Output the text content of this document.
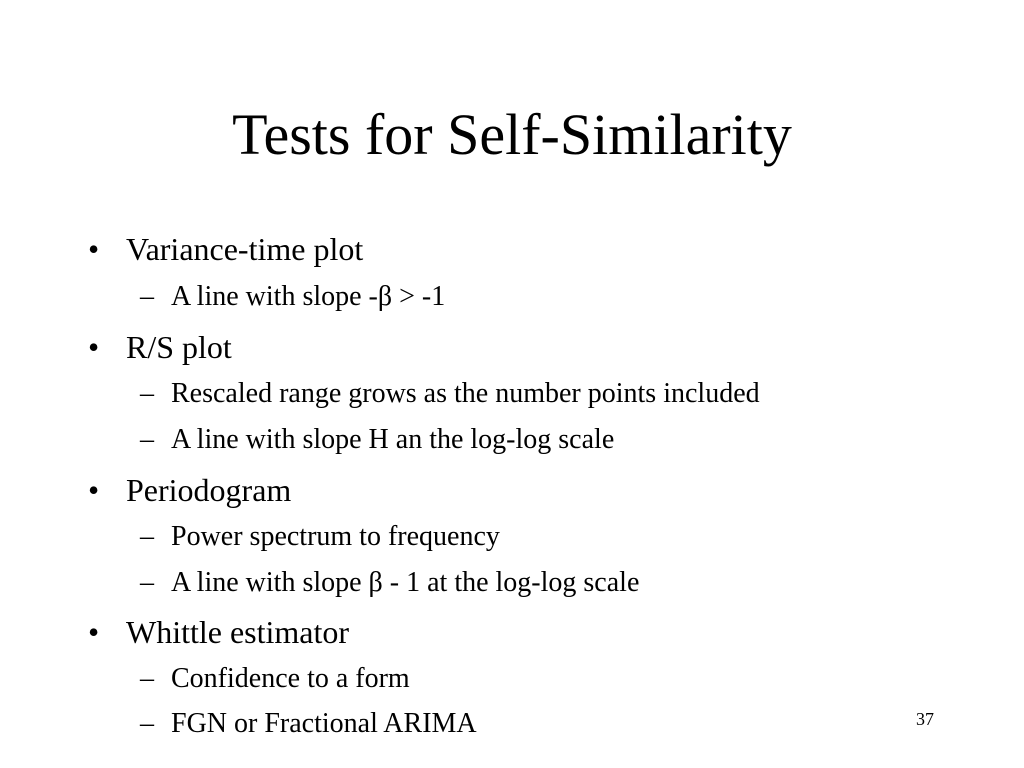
Tests for Self-Similarity
• Variance-time plot
– A line with slope -β > -1
• R/S plot
– Rescaled range grows as the number points included
– A line with slope H an the log-log scale
• Periodogram
– Power spectrum to frequency
– A line with slope β - 1 at the log-log scale
• Whittle estimator
– Confidence to a form
– FGN or Fractional ARIMA	37
